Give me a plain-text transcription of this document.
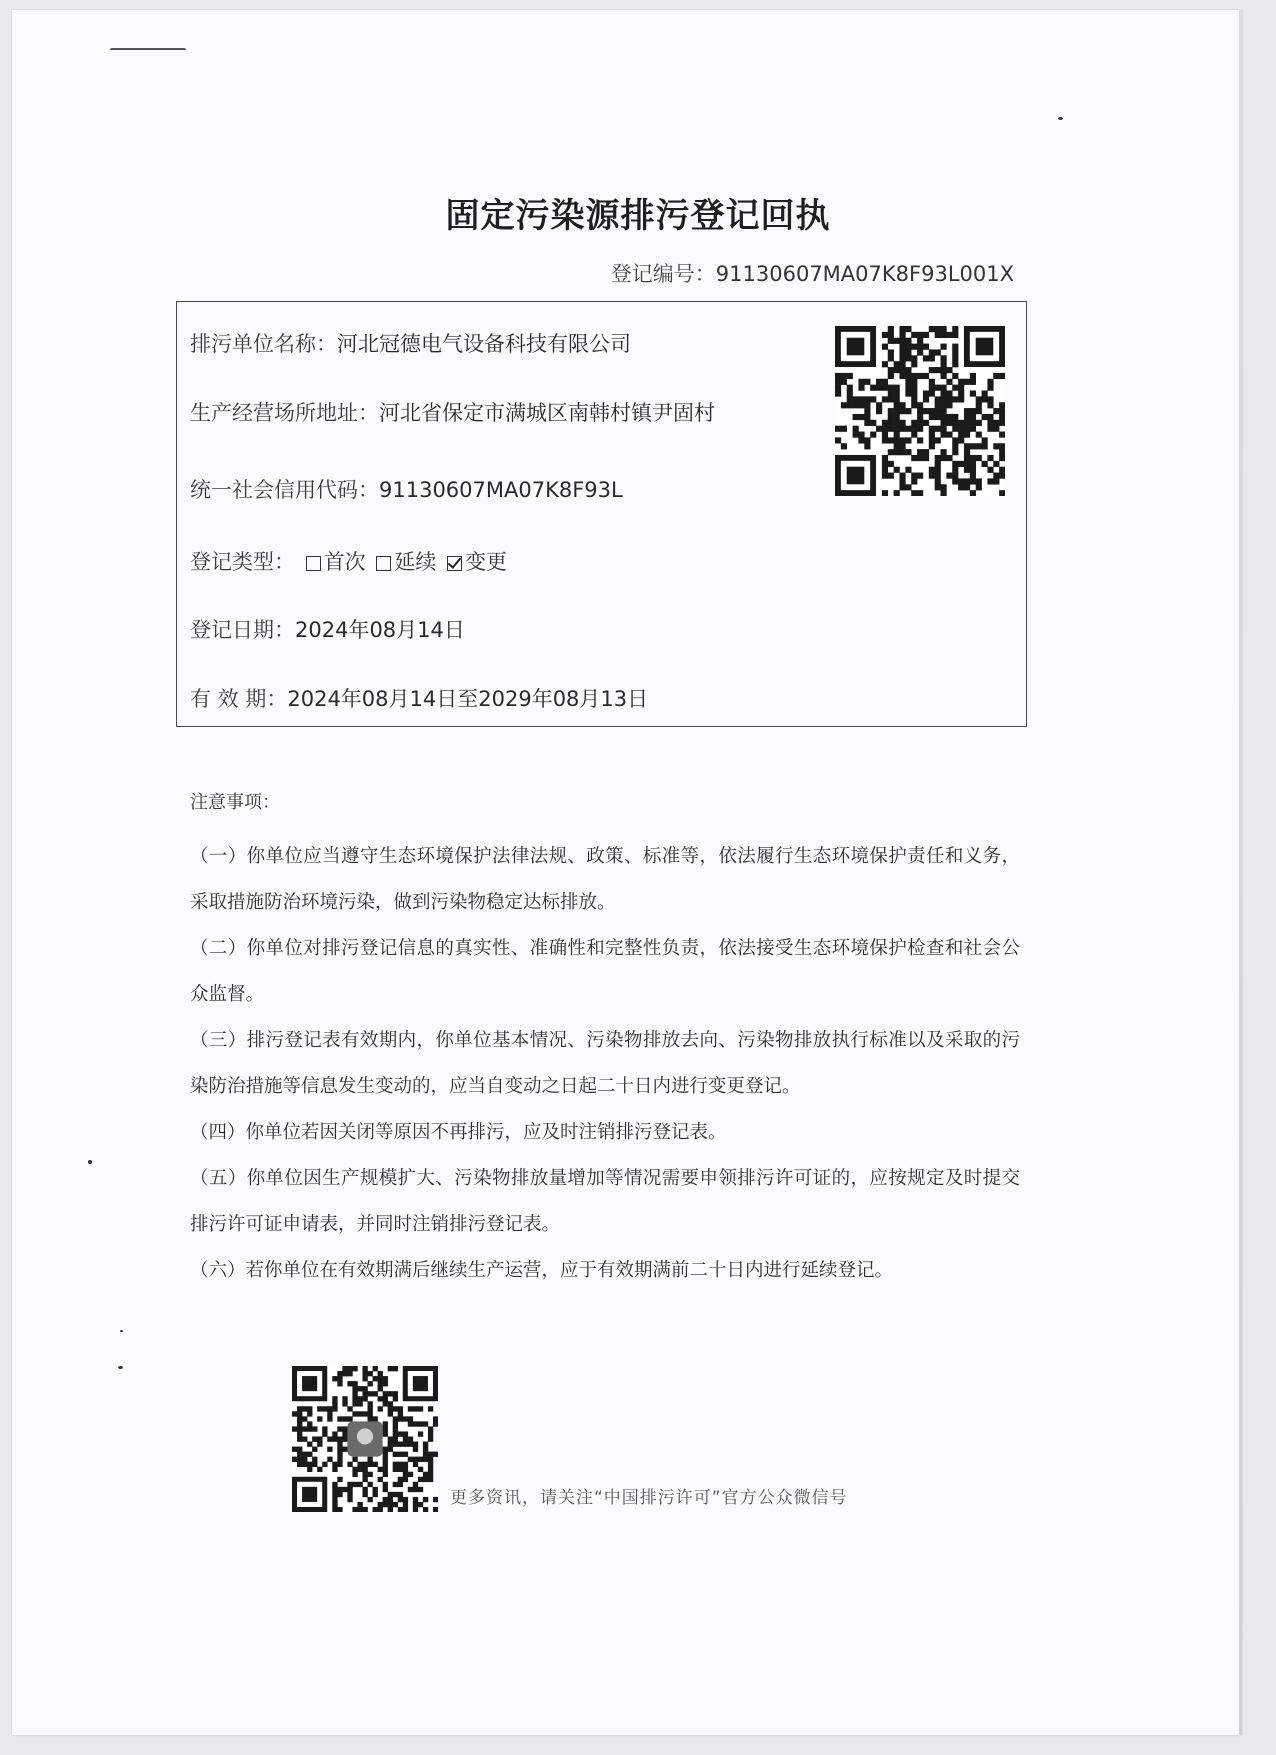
固定污染源排污登记回执
登记编号：91130607MA07K8F93L001X
排污单位名称：河北冠德电气设备科技有限公司
生产经营场所地址：河北省保定市满城区南韩村镇尹固村
统一社会信用代码：91130607MA07K8F93L
登记类型： 首次 延续 变更
登记日期：2024年08月14日
有 效 期：2024年08月14日至2029年08月13日
注意事项：
（一）你单位应当遵守生态环境保护法律法规、政策、标准等，依法履行生态环境保护责任和义务，采取措施防治环境污染，做到污染物稳定达标排放。
（二）你单位对排污登记信息的真实性、准确性和完整性负责，依法接受生态环境保护检查和社会公众监督。
（三）排污登记表有效期内，你单位基本情况、污染物排放去向、污染物排放执行标准以及采取的污染防治措施等信息发生变动的，应当自变动之日起二十日内进行变更登记。
（四）你单位若因关闭等原因不再排污，应及时注销排污登记表。
（五）你单位因生产规模扩大、污染物排放量增加等情况需要申领排污许可证的，应按规定及时提交排污许可证申请表，并同时注销排污登记表。
（六）若你单位在有效期满后继续生产运营，应于有效期满前二十日内进行延续登记。
更多资讯，请关注“中国排污许可”官方公众微信号
